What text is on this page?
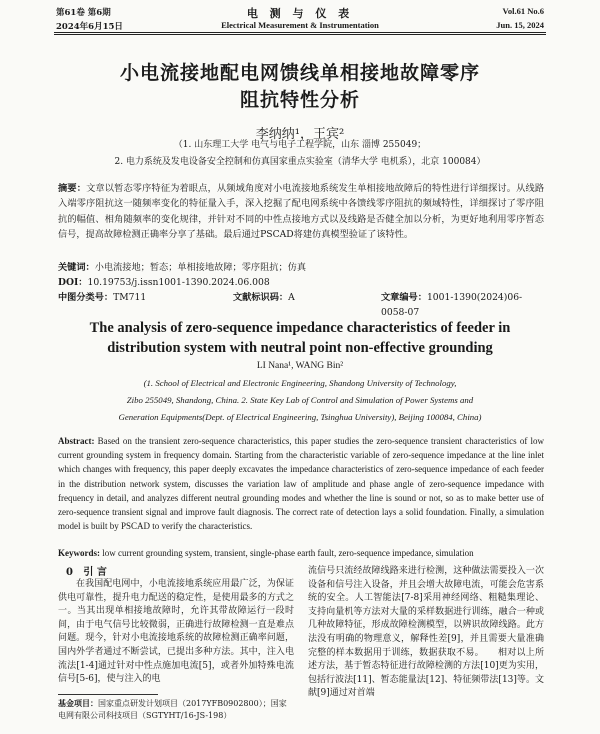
第61卷 第6期
2024年6月15日
电 测 与 仪 表
Electrical Measurement & Instrumentation
Vol.61 No.6
Jun. 15, 2024
小电流接地配电网馈线单相接地故障零序
阻抗特性分析
李纳纳¹，王宾²
（1. 山东理工大学 电气与电子工程学院，山东 淄博 255049；
2. 电力系统及发电设备安全控制和仿真国家重点实验室（清华大学 电机系），北京 100084）
摘要：文章以暂态零序特征为着眼点，从频域角度对小电流接地系统发生单相接地故障后的特性进行详细探讨。从线路入端零序阻抗这一随频率变化的特征量入手，深入挖掘了配电网系统中各馈线零序阻抗的频域特性，详细探讨了零序阻抗的幅值、相角随频率的变化规律，并针对不同的中性点接地方式以及线路是否健全加以分析，为更好地利用零序暂态信号，提高故障检测正确率分享了基础。最后通过PSCAD将建仿真模型验证了该特性。
关键词：小电流接地；暂态；单相接地故障；零序阻抗；仿真
DOI：10.19753/j.issn1001-1390.2024.06.008
中图分类号：TM711	文献标识码：A	文章编号：1001-1390(2024)06-0058-07
The analysis of zero-sequence impedance characteristics of feeder in
distribution system with neutral point non-effective grounding
LI Nana¹, WANG Bin²
(1. School of Electrical and Electronic Engineering, Shandong University of Technology,
Zibo 255049, Shandong, China. 2. State Key Lab of Control and Simulation of Power Systems and
Generation Equipments(Dept. of Electrical Engineering, Tsinghua University), Beijing 100084, China)
Abstract: Based on the transient zero-sequence characteristics, this paper studies the zero-sequence transient characteristics of low current grounding system in frequency domain. Starting from the characteristic variable of zero-sequence impedance at the line inlet which changes with frequency, this paper deeply excavates the impedance characteristics of zero-sequence impedance of each feeder in the distribution network system, discusses the variation law of amplitude and phase angle of zero-sequence impedance with frequency in detail, and analyzes different neutral grounding modes and whether the line is sound or not, so as to make better use of zero-sequence transient signal and improve fault diagnosis. The correct rate of detection lays a solid foundation. Finally, a simulation model is built by PSCAD to verify the characteristics.
Keywords: low current grounding system, transient, single-phase earth fault, zero-sequence impedance, simulation
0 引 言
在我国配电网中，小电流接地系统应用最广泛，为保证供电可靠性，提升电力配送的稳定性，是使用最多的方式之一。当其出现单相接地故障时，允许其带故障运行一段时间，由于电气信号比较微弱，正确进行故障检测一直是难点问题。现今，针对小电流接地系统的故障检测正确率问题，国内外学者通过不断尝试，已提出多种方法。其中，注入电流法[1-4]通过针对中性点施加电流[5]，或者外加特殊电流信号[5-6]，使与注入的电
流信号只流经故障线路来进行检测，这种做法需要投入一次设备和信号注入设备，并且会增大故障电流，可能会危害系统的安全。人工智能法[7-8]采用神经网络、粗糙集理论、支持向量机等方法对大量的采样数据进行训练，融合一种或几种故障特征，形成故障检测模型，以辨识故障线路。此方法没有明确的物理意义，解释性差[9]，并且需要大量准确完整的样本数据用于训练，数据获取不易。　　相对以上所述方法，基于暂态特征进行故障检测的方法[10]更为实用，包括行波法[11]、暂态能量法[12]、特征频带法[13]等。文献[9]通过对首端
基金项目：国家重点研发计划项目（2017YFB0902800）；国家电网有限公司科技项目（SGTYHT/16-JS-198）
